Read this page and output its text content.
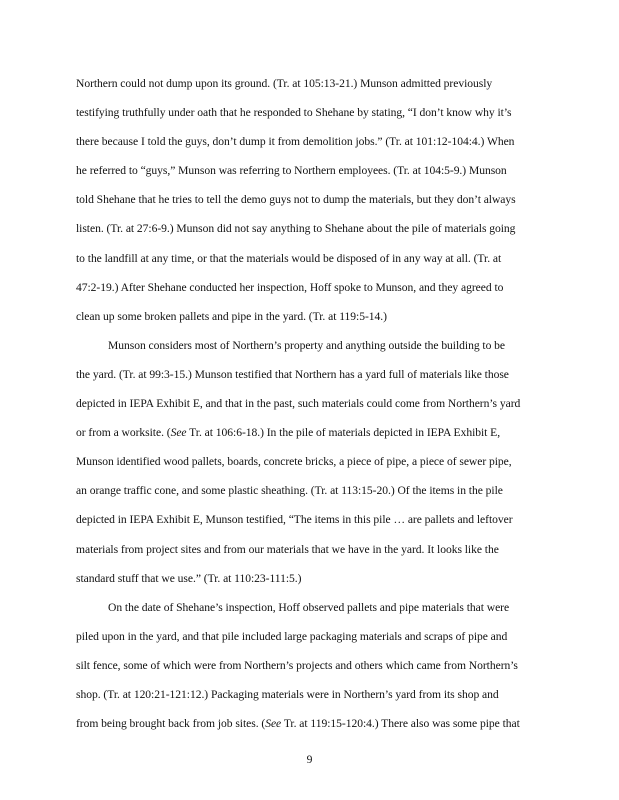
Northern could not dump upon its ground. (Tr. at 105:13-21.) Munson admitted previously
testifying truthfully under oath that he responded to Shehane by stating, “I don’t know why it’s
there because I told the guys, don’t dump it from demolition jobs.” (Tr. at 101:12-104:4.) When
he referred to “guys,” Munson was referring to Northern employees. (Tr. at 104:5-9.) Munson
told Shehane that he tries to tell the demo guys not to dump the materials, but they don’t always
listen. (Tr. at 27:6-9.) Munson did not say anything to Shehane about the pile of materials going
to the landfill at any time, or that the materials would be disposed of in any way at all. (Tr. at
47:2-19.) After Shehane conducted her inspection, Hoff spoke to Munson, and they agreed to
clean up some broken pallets and pipe in the yard. (Tr. at 119:5-14.)
Munson considers most of Northern’s property and anything outside the building to be
the yard. (Tr. at 99:3-15.) Munson testified that Northern has a yard full of materials like those
depicted in IEPA Exhibit E, and that in the past, such materials could come from Northern’s yard
or from a worksite. (See Tr. at 106:6-18.) In the pile of materials depicted in IEPA Exhibit E,
Munson identified wood pallets, boards, concrete bricks, a piece of pipe, a piece of sewer pipe,
an orange traffic cone, and some plastic sheathing. (Tr. at 113:15-20.) Of the items in the pile
depicted in IEPA Exhibit E, Munson testified, “The items in this pile … are pallets and leftover
materials from project sites and from our materials that we have in the yard. It looks like the
standard stuff that we use.” (Tr. at 110:23-111:5.)
On the date of Shehane’s inspection, Hoff observed pallets and pipe materials that were
piled upon in the yard, and that pile included large packaging materials and scraps of pipe and
silt fence, some of which were from Northern’s projects and others which came from Northern’s
shop. (Tr. at 120:21-121:12.) Packaging materials were in Northern’s yard from its shop and
from being brought back from job sites. (See Tr. at 119:15-120:4.) There also was some pipe that
9
